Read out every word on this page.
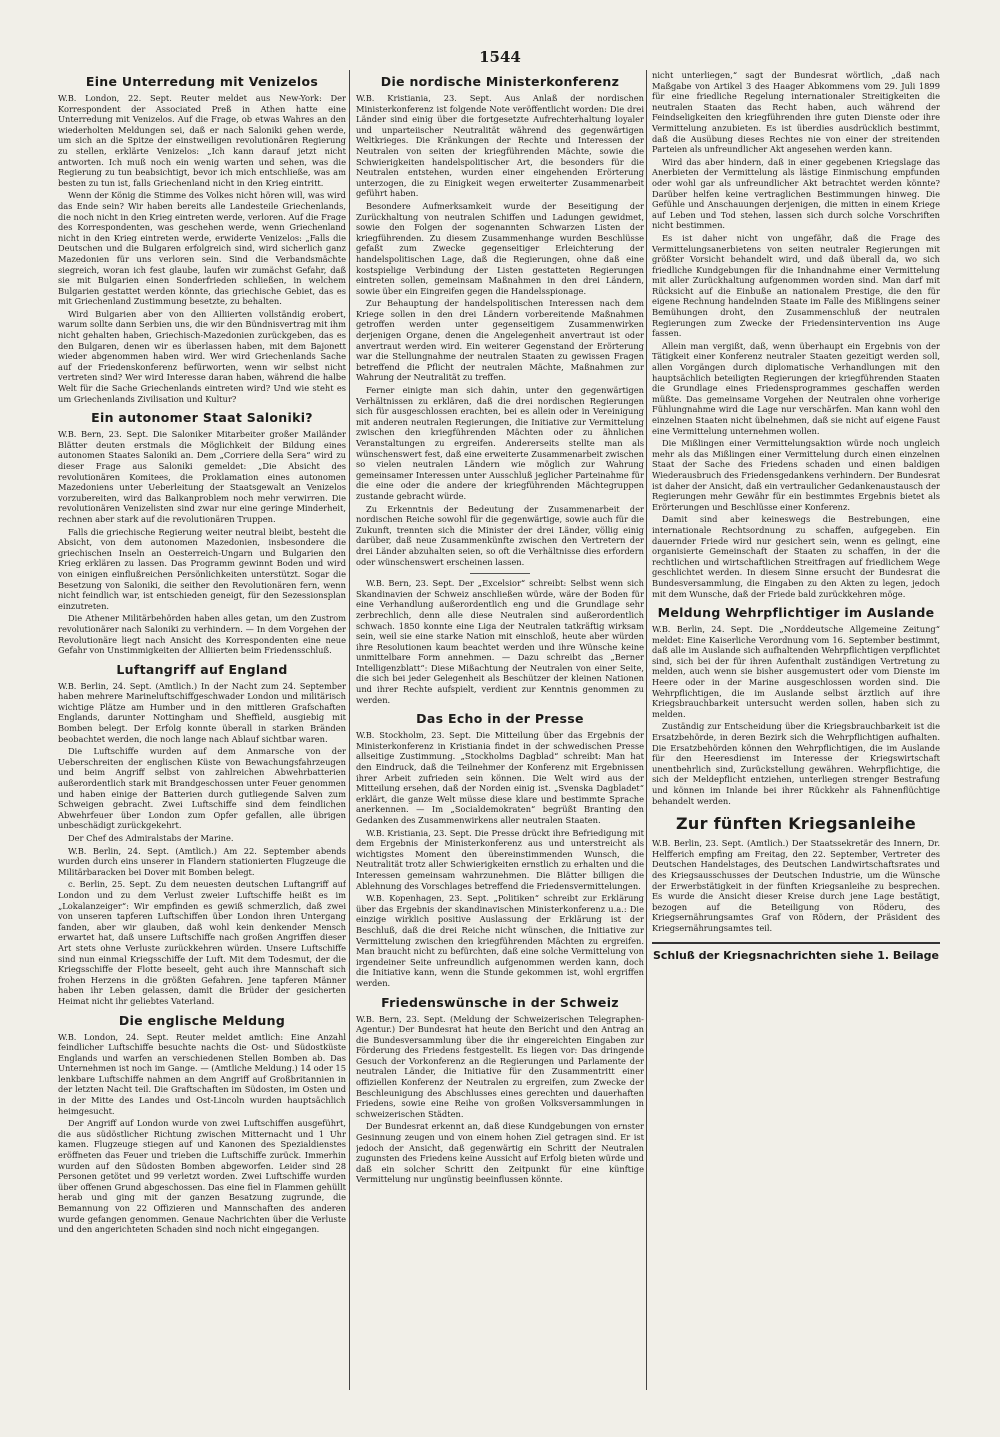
1544
Eine Unterredung mit Venizelos

W.B. London, 22. Sept. Reuter meldet aus New-York: Der Korrespondent der Associated Preß in Athen hatte eine Unterredung mit Venizelos. Auf die Frage, ob etwas Wahres an den wiederholten Meldungen sei, daß er nach Saloniki gehen werde, um sich an die Spitze der einstweiligen revolutionären Regierung zu stellen, erklärte Venizelos: „Ich kann darauf jetzt nicht antworten. Ich muß noch ein wenig warten und sehen, was die Regierung zu tun beabsichtigt, bevor ich mich entschließe, was am besten zu tun ist, falls Griechenland nicht in den Krieg eintritt.

Wenn der König die Stimme des Volkes nicht hören will, was wird das Ende sein? Wir haben bereits alle Landesteile Griechenlands, die noch nicht in den Krieg eintreten werde, verloren. Auf die Frage des Korrespondenten, was geschehen werde, wenn Griechenland nicht in den Krieg eintreten werde, erwiderte Venizelos: „Falls die Deutschen und die Bulgaren erfolgreich sind, wird sicherlich ganz Mazedonien für uns verloren sein. Sind die Verbandsmächte siegreich, woran ich fest glaube, laufen wir zumächst Gefahr, daß sie mit Bulgarien einen Sonderfrieden schließen, in welchem Bulgarien gestattet werden könnte, das griechische Gebiet, das es mit Griechenland Zustimmung besetzte, zu behalten.

Wird Bulgarien aber von den Alliierten vollständig erobert, warum sollte dann Serbien uns, die wir den Bündnisvertrag mit ihm nicht gehalten haben, Griechisch-Mazedonien zurückgeben, das es den Bulgaren, denen wir es überlassen haben, mit dem Bajonett wieder abgenommen haben wird. Wer wird Griechenlands Sache auf der Friedenskonferenz befürworten, wenn wir selbst nicht vertreten sind? Wer wird Interesse daran haben, während die halbe Welt für die Sache Griechenlands eintreten wird? Und wie steht es um Griechenlands Zivilisation und Kultur?

Ein autonomer Staat Saloniki?

W.B. Bern, 23. Sept. Die Saloniker Mitarbeiter großer Mailänder Blätter deuten erstmals die Möglichkeit der Bildung eines autonomen Staates Saloniki an. Dem „Corriere della Sera“ wird zu dieser Frage aus Saloniki gemeldet: „Die Absicht des revolutionären Komitees, die Proklamation eines autonomen Mazedoniens unter Ueberleitung der Staatsgewalt an Venizelos vorzubereiten, wird das Balkanproblem noch mehr verwirren. Die revolutionären Venizelisten sind zwar nur eine geringe Minderheit, rechnen aber stark auf die revolutionären Truppen.

Falls die griechische Regierung weiter neutral bleibt, besteht die Absicht, von dem autonomen Mazedonien, insbesondere die griechischen Inseln an Oesterreich-Ungarn und Bulgarien den Krieg erklären zu lassen. Das Programm gewinnt Boden und wird von einigen einflußreichen Persönlichkeiten unterstützt. Sogar die Besetzung von Saloniki, die seither den Revolutionären fern, wenn nicht feindlich war, ist entschieden geneigt, für den Sezessionsplan einzutreten.

Die Athener Militärbehörden haben alles getan, um den Zustrom revolutionärer nach Saloniki zu verhindern. — In dem Vorgehen der Revolutionäre liegt nach Ansicht des Korrespondenten eine neue Gefahr von Unstimmigkeiten der Alliierten beim Friedensschluß.

Luftangriff auf England

W.B. Berlin, 24. Sept. (Amtlich.) In der Nacht zum 24. September haben mehrere Marineluftschiffgeschwader London und militärisch wichtige Plätze am Humber und in den mittleren Grafschaften Englands, darunter Nottingham und Sheffield, ausgiebig mit Bomben belegt. Der Erfolg konnte überall in starken Bränden beobachtet werden, die noch lange nach Ablauf sichtbar waren.

Die Luftschiffe wurden auf dem Anmarsche von der Ueberschreiten der englischen Küste von Bewachungsfahrzeugen und beim Angriff selbst von zahlreichen Abwehrbatterien außerordentlich stark mit Brandgeschossen unter Feuer genommen und haben einige der Batterien durch gutliegende Salven zum Schweigen gebracht. Zwei Luftschiffe sind dem feindlichen Abwehrfeuer über London zum Opfer gefallen, alle übrigen unbeschädigt zurückgekehrt.

Der Chef des Admiralstabs der Marine.

W.B. Berlin, 24. Sept. (Amtlich.) Am 22. September abends wurden durch eins unserer in Flandern stationierten Flugzeuge die Militärbaracken bei Dover mit Bomben belegt.

c. Berlin, 25. Sept. Zu dem neuesten deutschen Luftangriff auf London und zu dem Verlust zweier Luftschiffe heißt es im „Lokalanzeiger“: Wir empfinden es gewiß schmerzlich, daß zwei von unseren tapferen Luftschiffen über London ihren Untergang fanden, aber wir glauben, daß wohl kein denkender Mensch erwartet hat, daß unsere Luftschiffe nach großen Angriffen dieser Art stets ohne Verluste zurückkehren würden. Unsere Luftschiffe sind nun einmal Kriegsschiffe der Luft. Mit dem Todesmut, der die Kriegsschiffe der Flotte beseelt, geht auch ihre Mannschaft sich frohen Herzens in die größten Gefahren. Jene tapferen Männer haben ihr Leben gelassen, damit die Brüder der gesicherten Heimat nicht ihr geliebtes Vaterland.

Die englische Meldung

W.B. London, 24. Sept. Reuter meldet amtlich: Eine Anzahl feindlicher Luftschiffe besuchte nachts die Ost- und Südostküste Englands und warfen an verschiedenen Stellen Bomben ab. Das Unternehmen ist noch im Gange. — (Amtliche Meldung.) 14 oder 15 lenkbare Luftschiffe nahmen an dem Angriff auf Großbritannien in der letzten Nacht teil. Die Graftschaften im Südosten, im Osten und in der Mitte des Landes und Ost-Lincoln wurden hauptsächlich heimgesucht.

Der Angriff auf London wurde von zwei Luftschiffen ausgeführt, die aus südöstlicher Richtung zwischen Mitternacht und 1 Uhr kamen. Flugzeuge stiegen auf und Kanonen des Spezialdienstes eröffneten das Feuer und trieben die Luftschiffe zurück. Immerhin wurden auf den Südosten Bomben abgeworfen. Leider sind 28 Personen getötet und 99 verletzt worden. Zwei Luftschiffe wurden über offenen Grund abgeschossen. Das eine fiel in Flammen gehüllt herab und ging mit der ganzen Besatzung zugrunde, die Bemannung von 22 Offizieren und Mannschaften des anderen wurde gefangen genommen. Genaue Nachrichten über die Verluste und den angerichteten Schaden sind noch nicht eingegangen.

Die nordische Ministerkonferenz

W.B. Kristiania, 23. Sept. Aus Anlaß der nordischen Ministerkonferenz ist folgende Note veröffentlicht worden: Die drei Länder sind einig über die fortgesetzte Aufrechterhaltung loyaler und unparteiischer Neutralität während des gegenwärtigen Weltkrieges. Die Kränkungen der Rechte und Interessen der Neutralen von seiten der kriegführenden Mächte, sowie die Schwierigkeiten handelspolitischer Art, die besonders für die Neutralen entstehen, wurden einer eingehenden Erörterung unterzogen, die zu Einigkeit wegen erweiterter Zusammenarbeit geführt haben.

Besondere Aufmerksamkeit wurde der Beseitigung der Zurückhaltung von neutralen Schiffen und Ladungen gewidmet, sowie den Folgen der sogenannten Schwarzen Listen der kriegführenden. Zu diesem Zusammenhange wurden Beschlüsse gefaßt zum Zwecke gegenseitiger Erleichterung der handelspolitischen Lage, daß die Regierungen, ohne daß eine kostspielige Verbindung der Listen gestatteten Regierungen eintreten sollen, gemeinsam Maßnahmen in den drei Ländern, sowie über ein Eingreifen gegen die Handelsspionage.

Zur Behauptung der handelspolitischen Interessen nach dem Kriege sollen in den drei Ländern vorbereitende Maßnahmen getroffen werden unter gegenseitigem Zusammenwirken derjenigen Organe, denen die Angelegenheit anvertraut ist oder anvertraut werden wird. Ein weiterer Gegenstand der Erörterung war die Stellungnahme der neutralen Staaten zu gewissen Fragen betreffend die Pflicht der neutralen Mächte, Maßnahmen zur Wahrung der Neutralität zu treffen.

Ferner einigte man sich dahin, unter den gegenwärtigen Verhältnissen zu erklären, daß die drei nordischen Regierungen sich für ausgeschlossen erachten, bei es allein oder in Vereinigung mit anderen neutralen Regierungen, die Initiative zur Vermittelung zwischen den kriegführenden Mächten oder zu ähnlichen Veranstaltungen zu ergreifen. Andererseits stellte man als wünschenswert fest, daß eine erweiterte Zusammenarbeit zwischen so vielen neutralen Ländern wie möglich zur Wahrung gemeinsamer Interessen unter Ausschluß jeglicher Parteinahme für die eine oder die andere der kriegführenden Mächtegruppen zustande gebracht würde.

Zu Erkenntnis der Bedeutung der Zusammenarbeit der nordischen Reiche sowohl für die gegenwärtige, sowie auch für die Zukunft, trennten sich die Minister der drei Länder, völlig einig darüber, daß neue Zusammenkünfte zwischen den Vertretern der drei Länder abzuhalten seien, so oft die Verhältnisse dies erfordern oder wünschenswert erscheinen lassen.

W.B. Bern, 23. Sept. Der „Excelsior“ schreibt: Selbst wenn sich Skandinavien der Schweiz anschließen würde, wäre der Boden für eine Verhandlung außerordentlich eng und die Grundlage sehr zerbrechlich, denn alle diese Neutralen sind außerordentlich schwach. 1850 konnte eine Liga der Neutralen tatkräftig wirksam sein, weil sie eine starke Nation mit einschloß, heute aber würden ihre Resolutionen kaum beachtet werden und ihre Wünsche keine unmittelbare Form annehmen. — Dazu schreibt das „Berner Intelligenzblatt“: Diese Mißachtung der Neutralen von einer Seite, die sich bei jeder Gelegenheit als Beschützer der kleinen Nationen und ihrer Rechte aufspielt, verdient zur Kenntnis genommen zu werden.

Das Echo in der Presse

W.B. Stockholm, 23. Sept. Die Mitteilung über das Ergebnis der Ministerkonferenz in Kristiania findet in der schwedischen Presse allseitige Zustimmung. „Stockholms Dagblad“ schreibt: Man hat den Eindruck, daß die Teilnehmer der Konferenz mit Ergebnissen ihrer Arbeit zufrieden sein können. Die Welt wird aus der Mitteilung ersehen, daß der Norden einig ist. „Svenska Dagbladet“ erklärt, die ganze Welt müsse diese klare und bestimmte Sprache anerkennen. — Im „Socialdemokraten“ begrüßt Branting den Gedanken des Zusammenwirkens aller neutralen Staaten.

W.B. Kristiania, 23. Sept. Die Presse drückt ihre Befriedigung mit dem Ergebnis der Ministerkonferenz aus und unterstreicht als wichtigstes Moment den übereinstimmenden Wunsch, die Neutralität trotz aller Schwierigkeiten ernstlich zu erhalten und die Interessen gemeinsam wahrzunehmen. Die Blätter billigen die Ablehnung des Vorschlages betreffend die Friedensvermittelungen.

W.B. Kopenhagen, 23. Sept. „Politiken“ schreibt zur Erklärung über das Ergebnis der skandinavischen Ministerkonferenz u.a.: Die einzige wirklich positive Auslassung der Erklärung ist der Beschluß, daß die drei Reiche nicht wünschen, die Initiative zur Vermittelung zwischen den kriegführenden Mächten zu ergreifen. Man braucht nicht zu befürchten, daß eine solche Vermittelung von irgendeiner Seite unfreundlich aufgenommen werden kann, doch die Initiative kann, wenn die Stunde gekommen ist, wohl ergriffen werden.

Friedenswünsche in der Schweiz

W.B. Bern, 23. Sept. (Meldung der Schweizerischen Telegraphen-Agentur.) Der Bundesrat hat heute den Bericht und den Antrag an die Bundesversammlung über die ihr eingereichten Eingaben zur Förderung des Friedens festgestellt. Es liegen vor: Das dringende Gesuch der Vorkonferenz an die Regierungen und Parlamente der neutralen Länder, die Initiative für den Zusammentritt einer offiziellen Konferenz der Neutralen zu ergreifen, zum Zwecke der Beschleunigung des Abschlusses eines gerechten und dauerhaften Friedens, sowie eine Reihe von großen Volksversammlungen in schweizerischen Städten.

Der Bundesrat erkennt an, daß diese Kundgebungen von ernster Gesinnung zeugen und von einem hohen Ziel getragen sind. Er ist jedoch der Ansicht, daß gegenwärtig ein Schritt der Neutralen zugunsten des Friedens keine Aussicht auf Erfolg bieten würde und daß ein solcher Schritt den Zeitpunkt für eine künftige Vermittelung nur ungünstig beeinflussen könnte.

nicht unterliegen,“ sagt der Bundesrat wörtlich, „daß nach Maßgabe von Artikel 3 des Haager Abkommens vom 29. Juli 1899 für eine friedliche Regelung internationaler Streitigkeiten die neutralen Staaten das Recht haben, auch während der Feindseligkeiten den kriegführenden ihre guten Dienste oder ihre Vermittelung anzubieten. Es ist überdies ausdrücklich bestimmt, daß die Ausübung dieses Rechtes nie von einer der streitenden Parteien als unfreundlicher Akt angesehen werden kann.

Wird das aber hindern, daß in einer gegebenen Kriegslage das Anerbieten der Vermittelung als lästige Einmischung empfunden oder wohl gar als unfreundlicher Akt betrachtet werden könnte? Darüber helfen keine vertraglichen Bestimmungen hinweg. Die Gefühle und Anschauungen derjenigen, die mitten in einem Kriege auf Leben und Tod stehen, lassen sich durch solche Vorschriften nicht bestimmen.

Es ist daher nicht von ungefähr, daß die Frage des Vermittelungsanerbietens von seiten neutraler Regierungen mit größter Vorsicht behandelt wird, und daß überall da, wo sich friedliche Kundgebungen für die Inhandnahme einer Vermittelung mit aller Zurückhaltung aufgenommen worden sind. Man darf mit Rücksicht auf die Einbuße an nationalem Prestige, die den für eigene Rechnung handelnden Staate im Falle des Mißlingens seiner Bemühungen droht, den Zusammenschluß der neutralen Regierungen zum Zwecke der Friedensintervention ins Auge fassen.

Allein man vergißt, daß, wenn überhaupt ein Ergebnis von der Tätigkeit einer Konferenz neutraler Staaten gezeitigt werden soll, allen Vorgängen durch diplomatische Verhandlungen mit den hauptsächlich beteiligten Regierungen der kriegführenden Staaten die Grundlage eines Friedensprogrammes geschaffen werden müßte. Das gemeinsame Vorgehen der Neutralen ohne vorherige Fühlungnahme wird die Lage nur verschärfen. Man kann wohl den einzelnen Staaten nicht übelnehmen, daß sie nicht auf eigene Faust eine Vermittelung unternehmen wollen.

Die Mißlingen einer Vermittelungsaktion würde noch ungleich mehr als das Mißlingen einer Vermittelung durch einen einzelnen Staat der Sache des Friedens schaden und einen baldigen Wiederausbruch des Friedensgedankens verhindern. Der Bundesrat ist daher der Ansicht, daß ein vertraulicher Gedankenaustausch der Regierungen mehr Gewähr für ein bestimmtes Ergebnis bietet als Erörterungen und Beschlüsse einer Konferenz.

Damit sind aber keineswegs die Bestrebungen, eine internationale Rechtsordnung zu schaffen, aufgegeben. Ein dauernder Friede wird nur gesichert sein, wenn es gelingt, eine organisierte Gemeinschaft der Staaten zu schaffen, in der die rechtlichen und wirtschaftlichen Streitfragen auf friedlichem Wege geschlichtet werden. In diesem Sinne ersucht der Bundesrat die Bundesversammlung, die Eingaben zu den Akten zu legen, jedoch mit dem Wunsche, daß der Friede bald zurückkehren möge.

Meldung Wehrpflichtiger im Auslande

W.B. Berlin, 24. Sept. Die „Norddeutsche Allgemeine Zeitung“ meldet: Eine Kaiserliche Verordnung vom 16. September bestimmt, daß alle im Auslande sich aufhaltenden Wehrpflichtigen verpflichtet sind, sich bei der für ihren Aufenthalt zuständigen Vertretung zu melden, auch wenn sie bisher ausgemustert oder vom Dienste im Heere oder in der Marine ausgeschlossen worden sind. Die Wehrpflichtigen, die im Auslande selbst ärztlich auf ihre Kriegsbrauchbarkeit untersucht werden sollen, haben sich zu melden.

Zuständig zur Entscheidung über die Kriegsbrauchbarkeit ist die Ersatzbehörde, in deren Bezirk sich die Wehrpflichtigen aufhalten. Die Ersatzbehörden können den Wehrpflichtigen, die im Auslande für den Heeresdienst im Interesse der Kriegswirtschaft unentbehrlich sind, Zurückstellung gewähren. Wehrpflichtige, die sich der Meldepflicht entziehen, unterliegen strenger Bestrafung und können im Inlande bei ihrer Rückkehr als Fahnenflüchtige behandelt werden.

Zur fünften Kriegsanleihe

W.B. Berlin, 23. Sept. (Amtlich.) Der Staatssekretär des Innern, Dr. Helfferich empfing am Freitag, den 22. September, Vertreter des Deutschen Handelstages, des Deutschen Landwirtschaftsrates und des Kriegsausschusses der Deutschen Industrie, um die Wünsche der Erwerbstätigkeit in der fünften Kriegsanleihe zu besprechen. Es wurde die Ansicht dieser Kreise durch jene Lage bestätigt, bezogen auf die Beteiligung von Röderu, des Kriegsernährungsamtes Graf von Rödern, der Präsident des Kriegsernährungsamtes teil.

Schluß der Kriegsnachrichten siehe 1. Beilage
